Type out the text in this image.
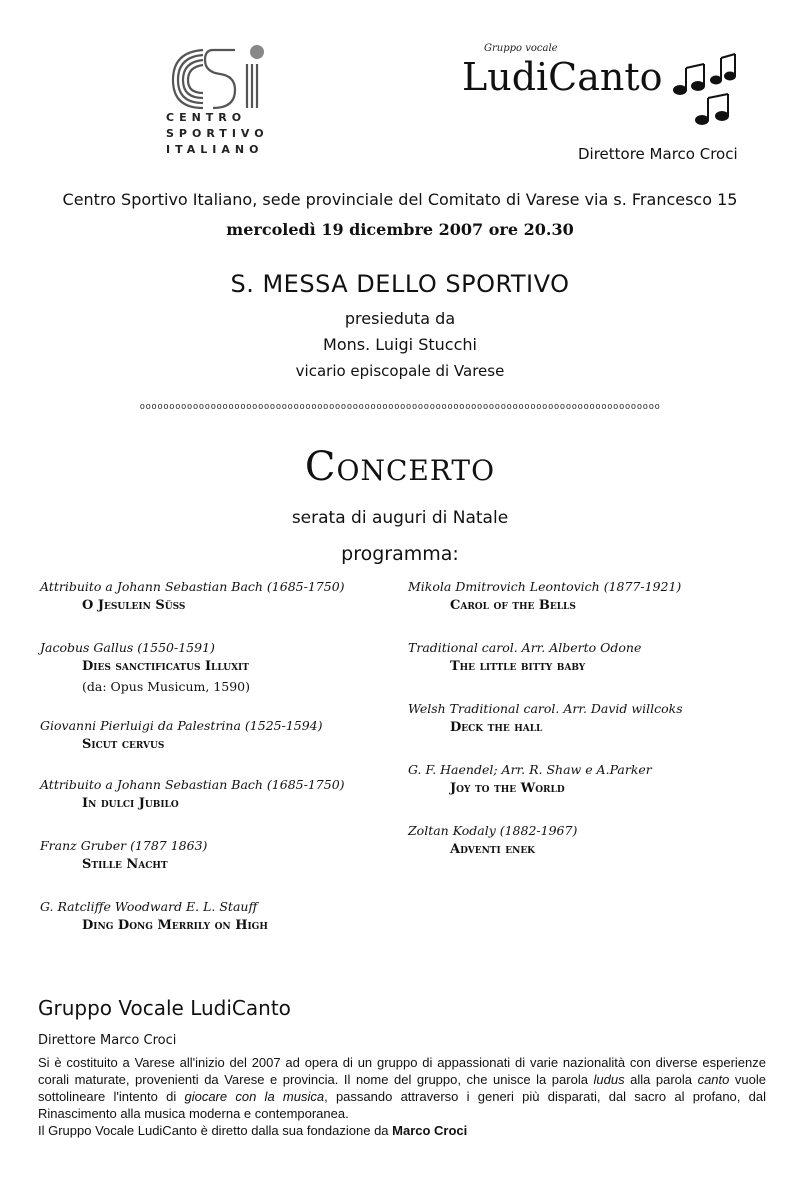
CENTRO
SPORTIVO
ITALIANO
Gruppo vocale
LudiCanto
Direttore Marco Croci
Centro Sportivo Italiano, sede provinciale del Comitato di Varese via s. Francesco 15
mercoledì 19 dicembre 2007 ore 20.30
S. MESSA DELLO SPORTIVO
presieduta da
Mons. Luigi Stucchi
vicario episcopale di Varese
oooooooooooooooooooooooooooooooooooooooooooooooooooooooooooooooooooooooooooooooooooooooo
Concerto
serata di auguri di Natale
programma:
Attribuito a Johann Sebastian Bach (1685-1750)
O Jesulein Süss
Jacobus Gallus (1550-1591)
Dies sanctificatus Illuxit
(da: Opus Musicum, 1590)
Giovanni Pierluigi da Palestrina (1525-1594)
Sicut cervus
Attribuito a Johann Sebastian Bach (1685-1750)
In dulci Jubilo
Franz Gruber (1787 1863)
Stille Nacht
G. Ratcliffe Woodward E. L. Stauff
Ding Dong Merrily on High
Mikola Dmitrovich Leontovich (1877-1921)
Carol of the Bells
Traditional carol. Arr. Alberto Odone
The little bitty baby
Welsh Traditional carol. Arr. David willcoks
Deck the hall
G. F. Haendel; Arr. R. Shaw e A.Parker
Joy to the World
Zoltan Kodaly (1882-1967)
Adventi enek
Gruppo Vocale LudiCanto
Direttore Marco Croci
Si è costituito a Varese all'inizio del 2007 ad opera di un gruppo di appassionati di varie nazionalità con diverse esperienze corali maturate, provenienti da Varese e provincia. Il nome del gruppo, che unisce la parola ludus alla parola canto vuole sottolineare l'intento di giocare con la musica, passando attraverso i generi più disparati, dal sacro al profano, dal Rinascimento alla musica moderna e contemporanea.
Il Gruppo Vocale LudiCanto è diretto dalla sua fondazione da Marco Croci
